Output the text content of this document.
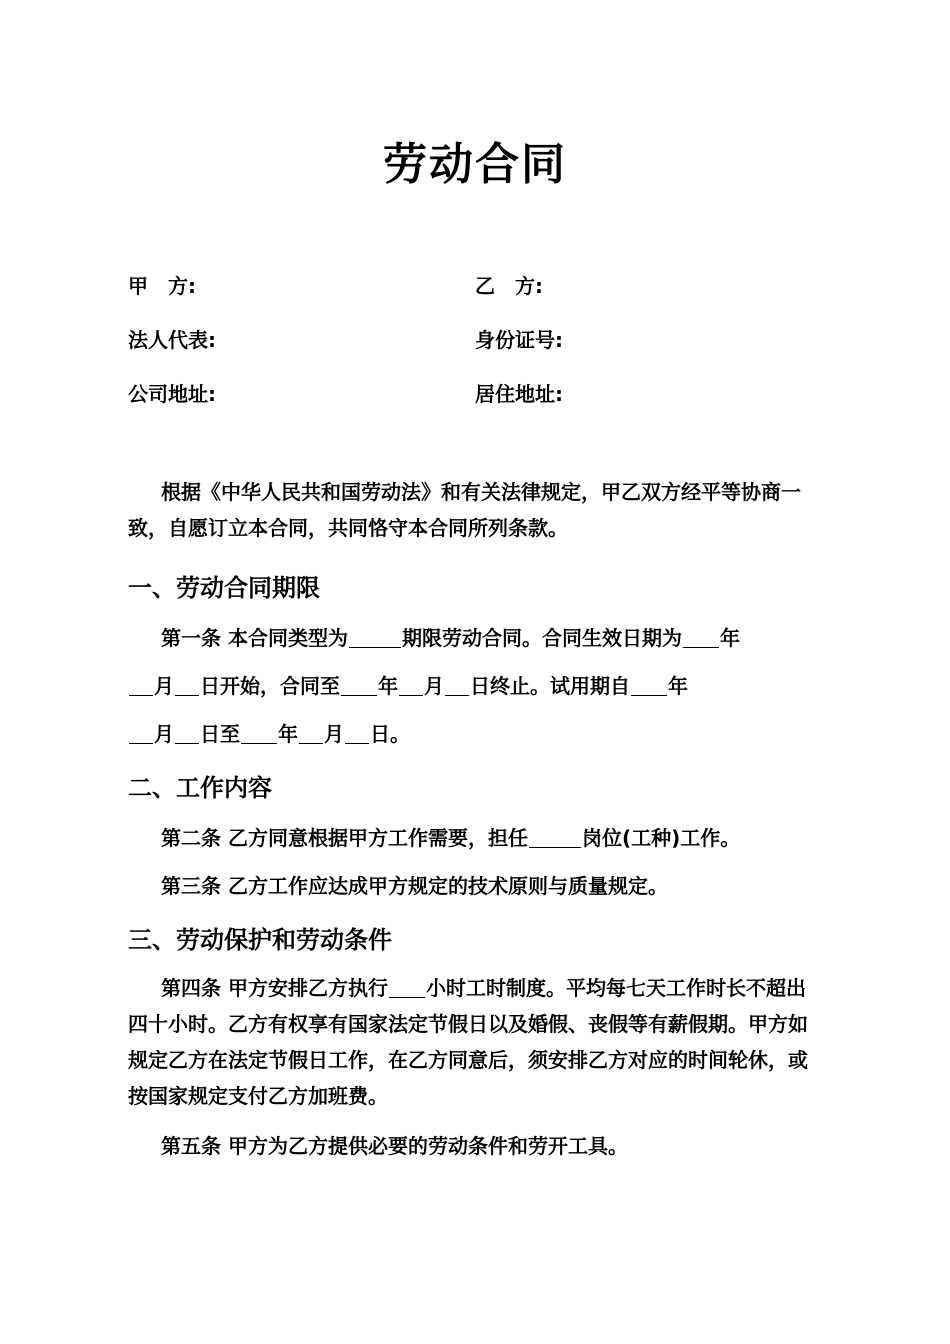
劳动合同
甲　方:	乙　方:
法人代表:	身份证号:
公司地址:	居住地址:
根据《中华人民共和国劳动法》和有关法律规定，甲乙双方经平等协商一致，自愿订立本合同，共同恪守本合同所列条款。
一、劳动合同期限
第一条 本合同类型为	期限劳动合同。合同生效日期为 年
月 日开始，合同至 年 月 日终止。试用期自 年
月 日至 年 月 日。
二、工作内容
第二条 乙方同意根据甲方工作需要，担任	岗位(工种)工作。
第三条 乙方工作应达成甲方规定的技术原则与质量规定。
三、劳动保护和劳动条件
第四条 甲方安排乙方执行 小时工时制度。平均每七天工作时长不超出四十小时。乙方有权享有国家法定节假日以及婚假、丧假等有薪假期。甲方如规定乙方在法定节假日工作，在乙方同意后，须安排乙方对应的时间轮休，或按国家规定支付乙方加班费。
第五条 甲方为乙方提供必要的劳动条件和劳开工具。
